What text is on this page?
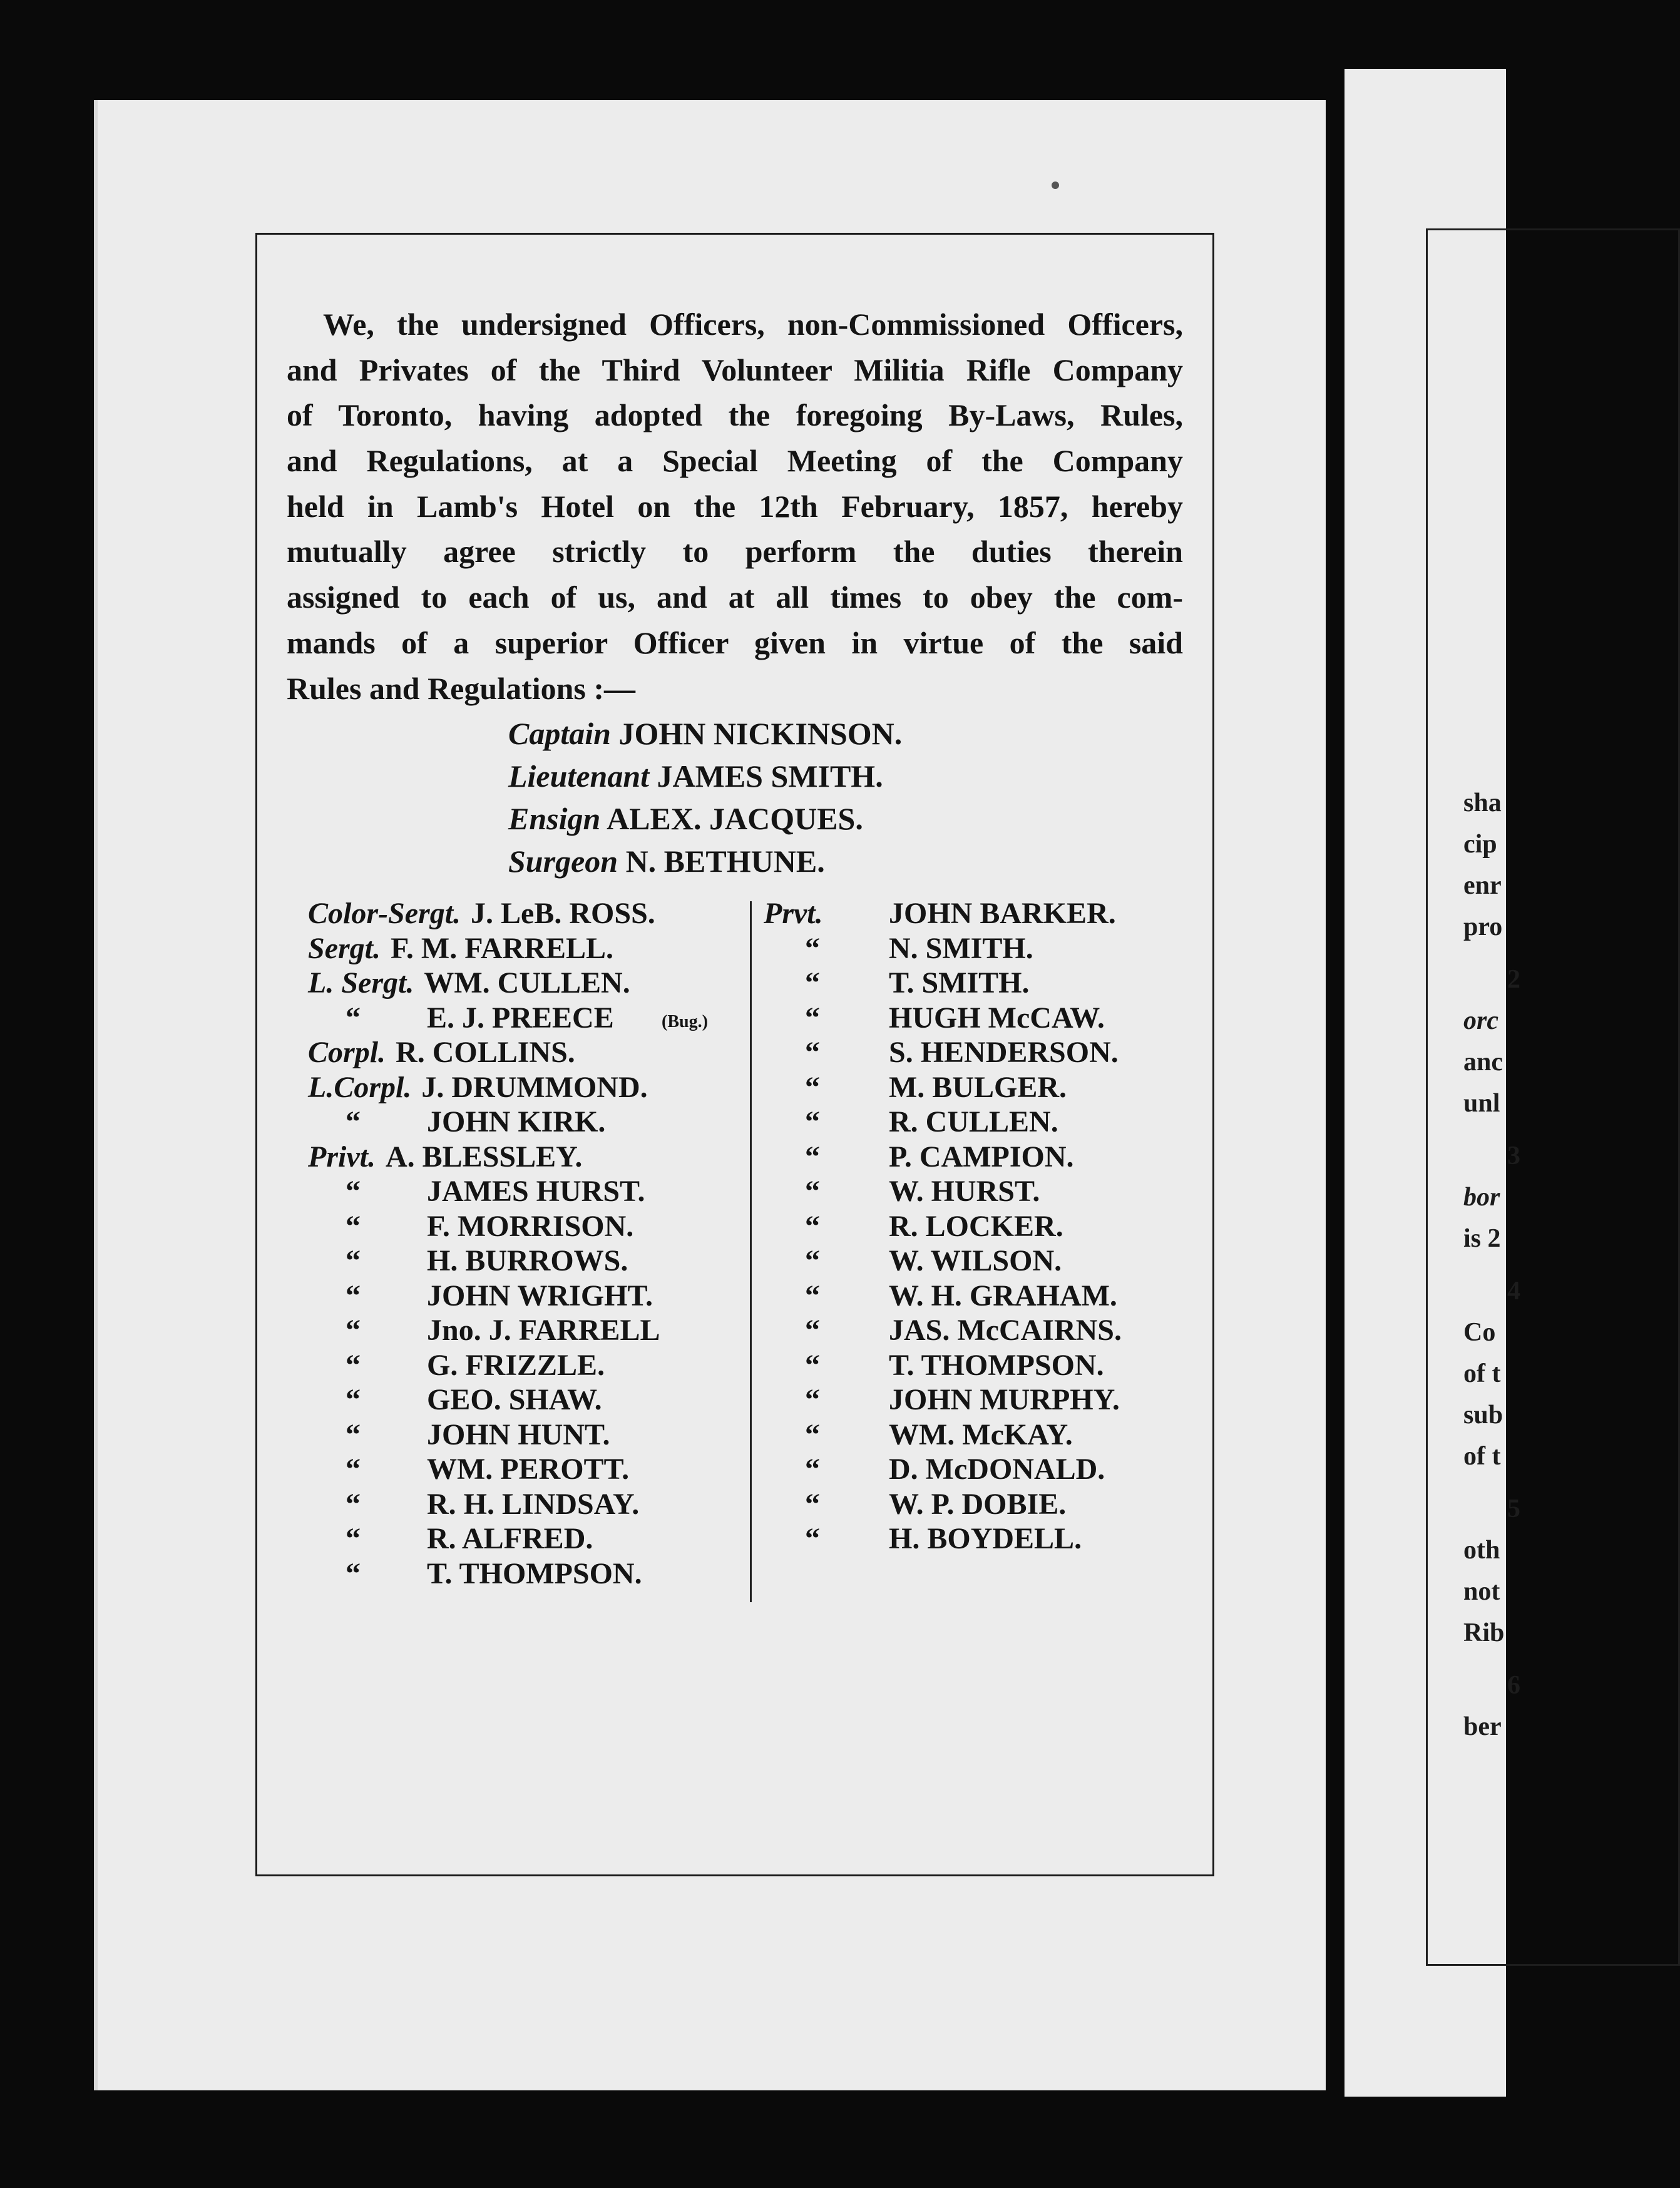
We, the undersigned Officers, non-Commissioned Officers,
and Privates of the Third Volunteer Militia Rifle Company
of Toronto, having adopted the foregoing By-Laws, Rules,
and Regulations, at a Special Meeting of the Company
held in Lamb's Hotel on the 12th February, 1857, hereby
mutually agree strictly to perform the duties therein
assigned to each of us, and at all times to obey the com-
mands of a superior Officer given in virtue of the said
Rules and Regulations :—
Captain JOHN NICKINSON.
Lieutenant JAMES SMITH.
Ensign ALEX. JACQUES.
Surgeon N. BETHUNE.
Color-Sergt. J. LeB. ROSS.
Sergt. F. M. FARRELL.
L. Sergt. WM. CULLEN.
“ E. J. PREECE	(Bug.)
Corpl. R. COLLINS.
L.Corpl. J. DRUMMOND.
“ JOHN KIRK.
Privt. A. BLESSLEY.
“ JAMES HURST.
“ F. MORRISON.
“ H. BURROWS.
“ JOHN WRIGHT.
“ Jno. J. FARRELL
“ G. FRIZZLE.
“ GEO. SHAW.
“ JOHN HUNT.
“ WM. PEROTT.
“ R. H. LINDSAY.
“ R. ALFRED.
“ T. THOMPSON.
Prvt. JOHN BARKER.
“ N. SMITH.
“ T. SMITH.
“ HUGH McCAW.
“ S. HENDERSON.
“ M. BULGER.
“ R. CULLEN.
“ P. CAMPION.
“ W. HURST.
“ R. LOCKER.
“ W. WILSON.
“ W. H. GRAHAM.
“ JAS. McCAIRNS.
“ T. THOMPSON.
“ JOHN MURPHY.
“ WM. McKAY.
“ D. McDONALD.
“ W. P. DOBIE.
“ H. BOYDELL.
sha
cip
enr
pro
2
orc
anc
unl
3
bor
is 2
4
Co
of t
sub
of t
5
oth
not
Rib
6
ber
